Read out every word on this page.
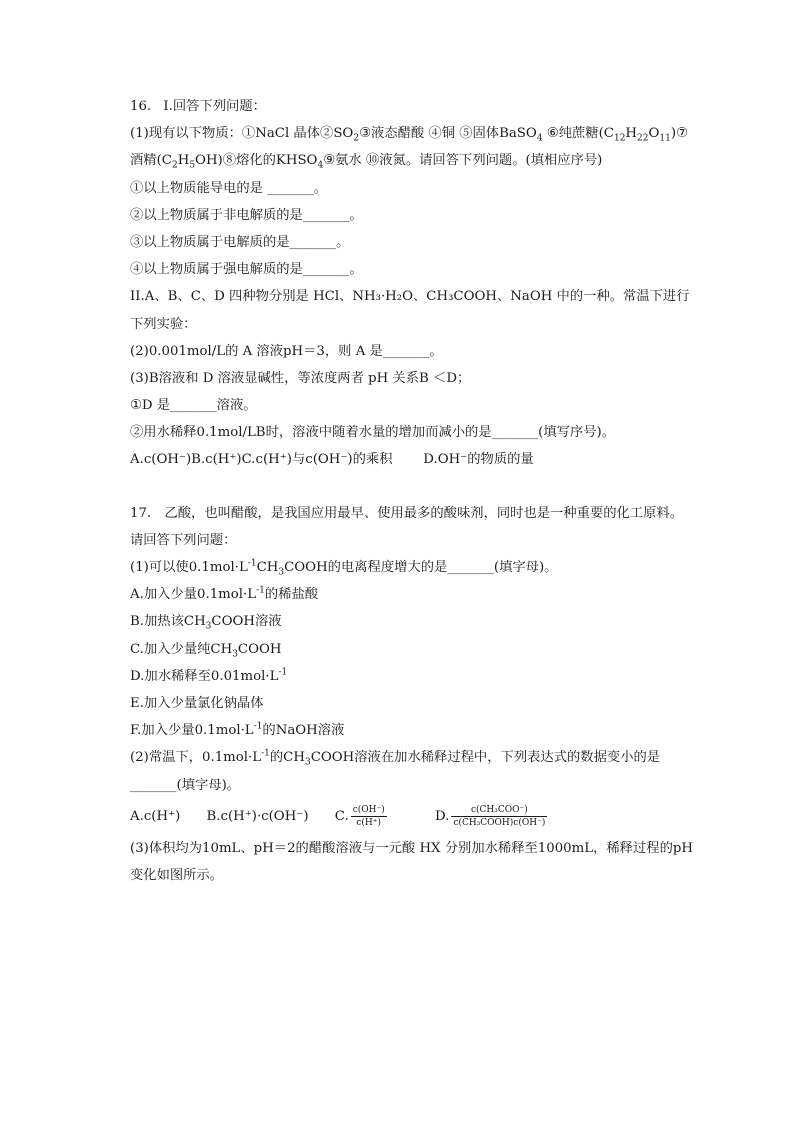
16. I.回答下列问题：
(1)现有以下物质：①NaCl 晶体$②SO_2③$液态醋酸 ④铜 ⑤固体BaSO$_4$ ⑥纯蔗糖$(C_{12}H_{22}O_{11})⑦$
酒精$(C_2H_5OH)⑧$熔化的$KHSO_4⑨$氨水 ⑩液氮。请回答下列问题。(填相应序号)
①以上物质能导电的是 _______。
②以上物质属于非电解质的是_______。
③以上物质属于电解质的是_______。
④以上物质属于强电解质的是_______。
II.A、B、C、D 四种物分别是 HCl、NH₃·H₂O、CH₃COOH、NaOH 中的一种。常温下进行
下列实验：
(2)0.001mol/L的 A 溶液pH＝3，则 A 是_______。
(3)B溶液和 D 溶液显碱性，等浓度两者 pH 关系B ＜D；
①D 是_______溶液。
②用水稀释0.1mol/LB时，溶液中随着水量的增加而减小的是_______(填写序号)。
A.c(OH⁻)B.c(H⁺)C.c(H⁺)与c(OH⁻)的乘积 　　D.OH⁻的物质的量
17.　乙酸，也叫醋酸，是我国应用最早、使用最多的酸味剂，同时也是一种重要的化工原料。
请回答下列问题：
(1)可以使$0.1mol\cdot L^{-1}CH_3COOH$的电离程度增大的是_______(填字母)。
A.加入少量$0.1mol\cdot L^{-1}$的稀盐酸
B.加热该$CH_3COOH$溶液
C.加入少量纯$CH_3COOH$
D.加水稀释至$0.01mol\cdot L^{-1}$
E.加入少量氯化钠晶体
F.加入少量$0.1mol\cdot L^{-1}$的NaOH溶液
(2)常温下，$0.1mol\cdot L^{-1}$的$CH_3COOH$溶液在加水稀释过程中，下列表达式的数据变小的是
_______(填字母)。
A.c(H⁺) B.c(H⁺)·c(OH⁻) C. $\frac{c(OH^-)}{c(H^+)}$	D. $\frac{\text{c(CH₃COO⁻)}}{\text{c(CH₃COOH)c(OH⁻)}}$
(3)体积均为10mL、pH＝2的醋酸溶液与一元酸 HX 分别加水稀释至1000mL，稀释过程的pH
变化如图所示。
